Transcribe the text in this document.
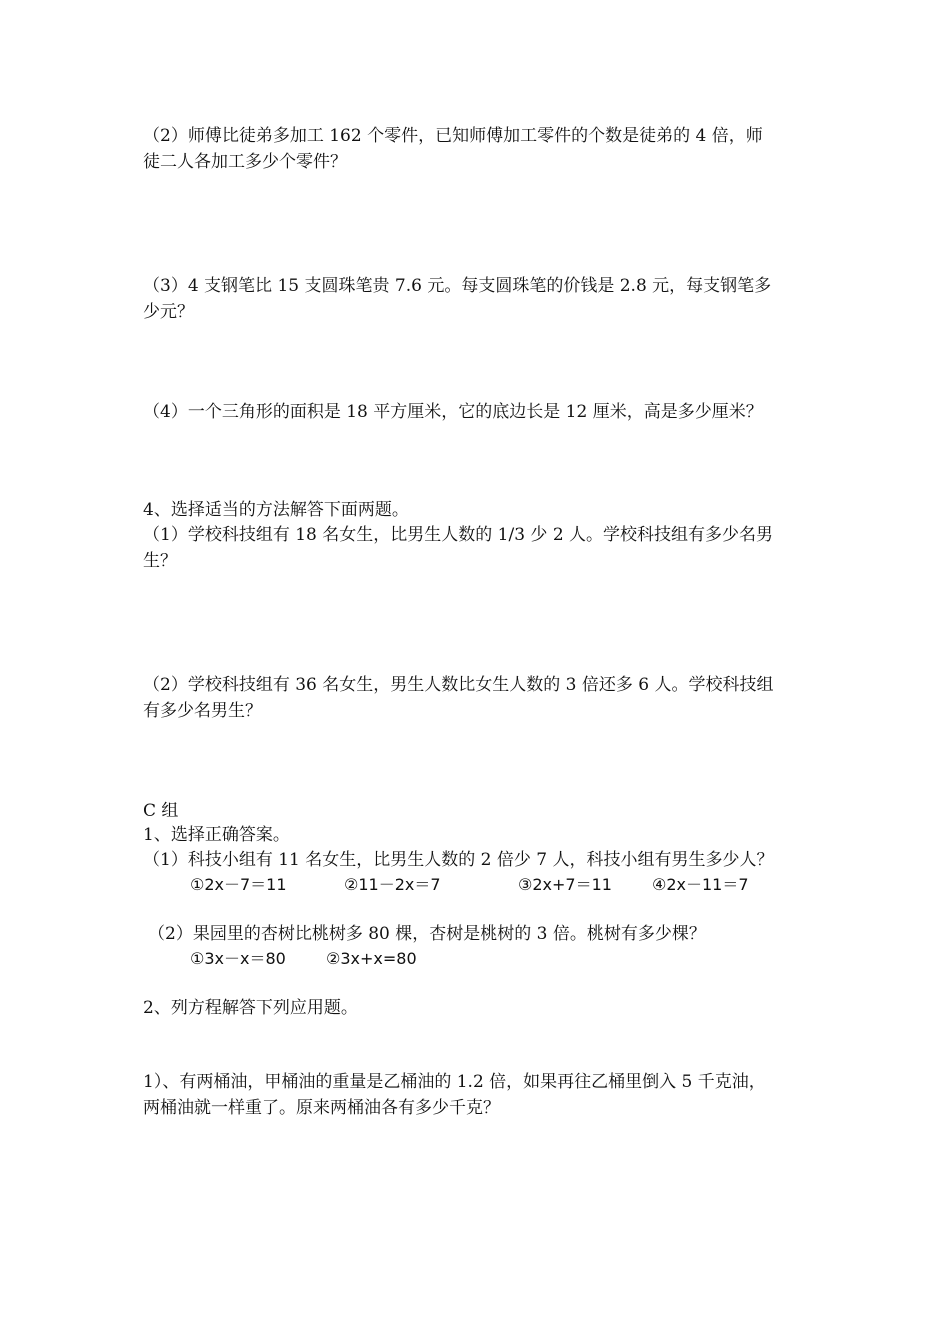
（2）师傅比徒弟多加工 162 个零件，已知师傅加工零件的个数是徒弟的 4 倍，师
徒二人各加工多少个零件？
（3）4 支钢笔比 15 支圆珠笔贵 7.6 元。每支圆珠笔的价钱是 2.8 元，每支钢笔多
少元？
（4）一个三角形的面积是 18 平方厘米，它的底边长是 12 厘米，高是多少厘米？
4、选择适当的方法解答下面两题。
（1）学校科技组有 18 名女生，比男生人数的 1/3 少 2 人。学校科技组有多少名男
生？
（2）学校科技组有 36 名女生，男生人数比女生人数的 3 倍还多 6 人。学校科技组
有多少名男生？
C 组
1、选择正确答案。
（1）科技小组有 11 名女生，比男生人数的 2 倍少 7 人，科技小组有男生多少人？
①2x－7＝11	②11－2x＝7	③2x+7＝11	④2x－11＝7
（2）果园里的杏树比桃树多 80 棵，杏树是桃树的 3 倍。桃树有多少棵？
①3x－x＝80	②3x+x=80
2、列方程解答下列应用题。
1）、有两桶油，甲桶油的重量是乙桶油的 1.2 倍，如果再往乙桶里倒入 5 千克油，
两桶油就一样重了。原来两桶油各有多少千克？
